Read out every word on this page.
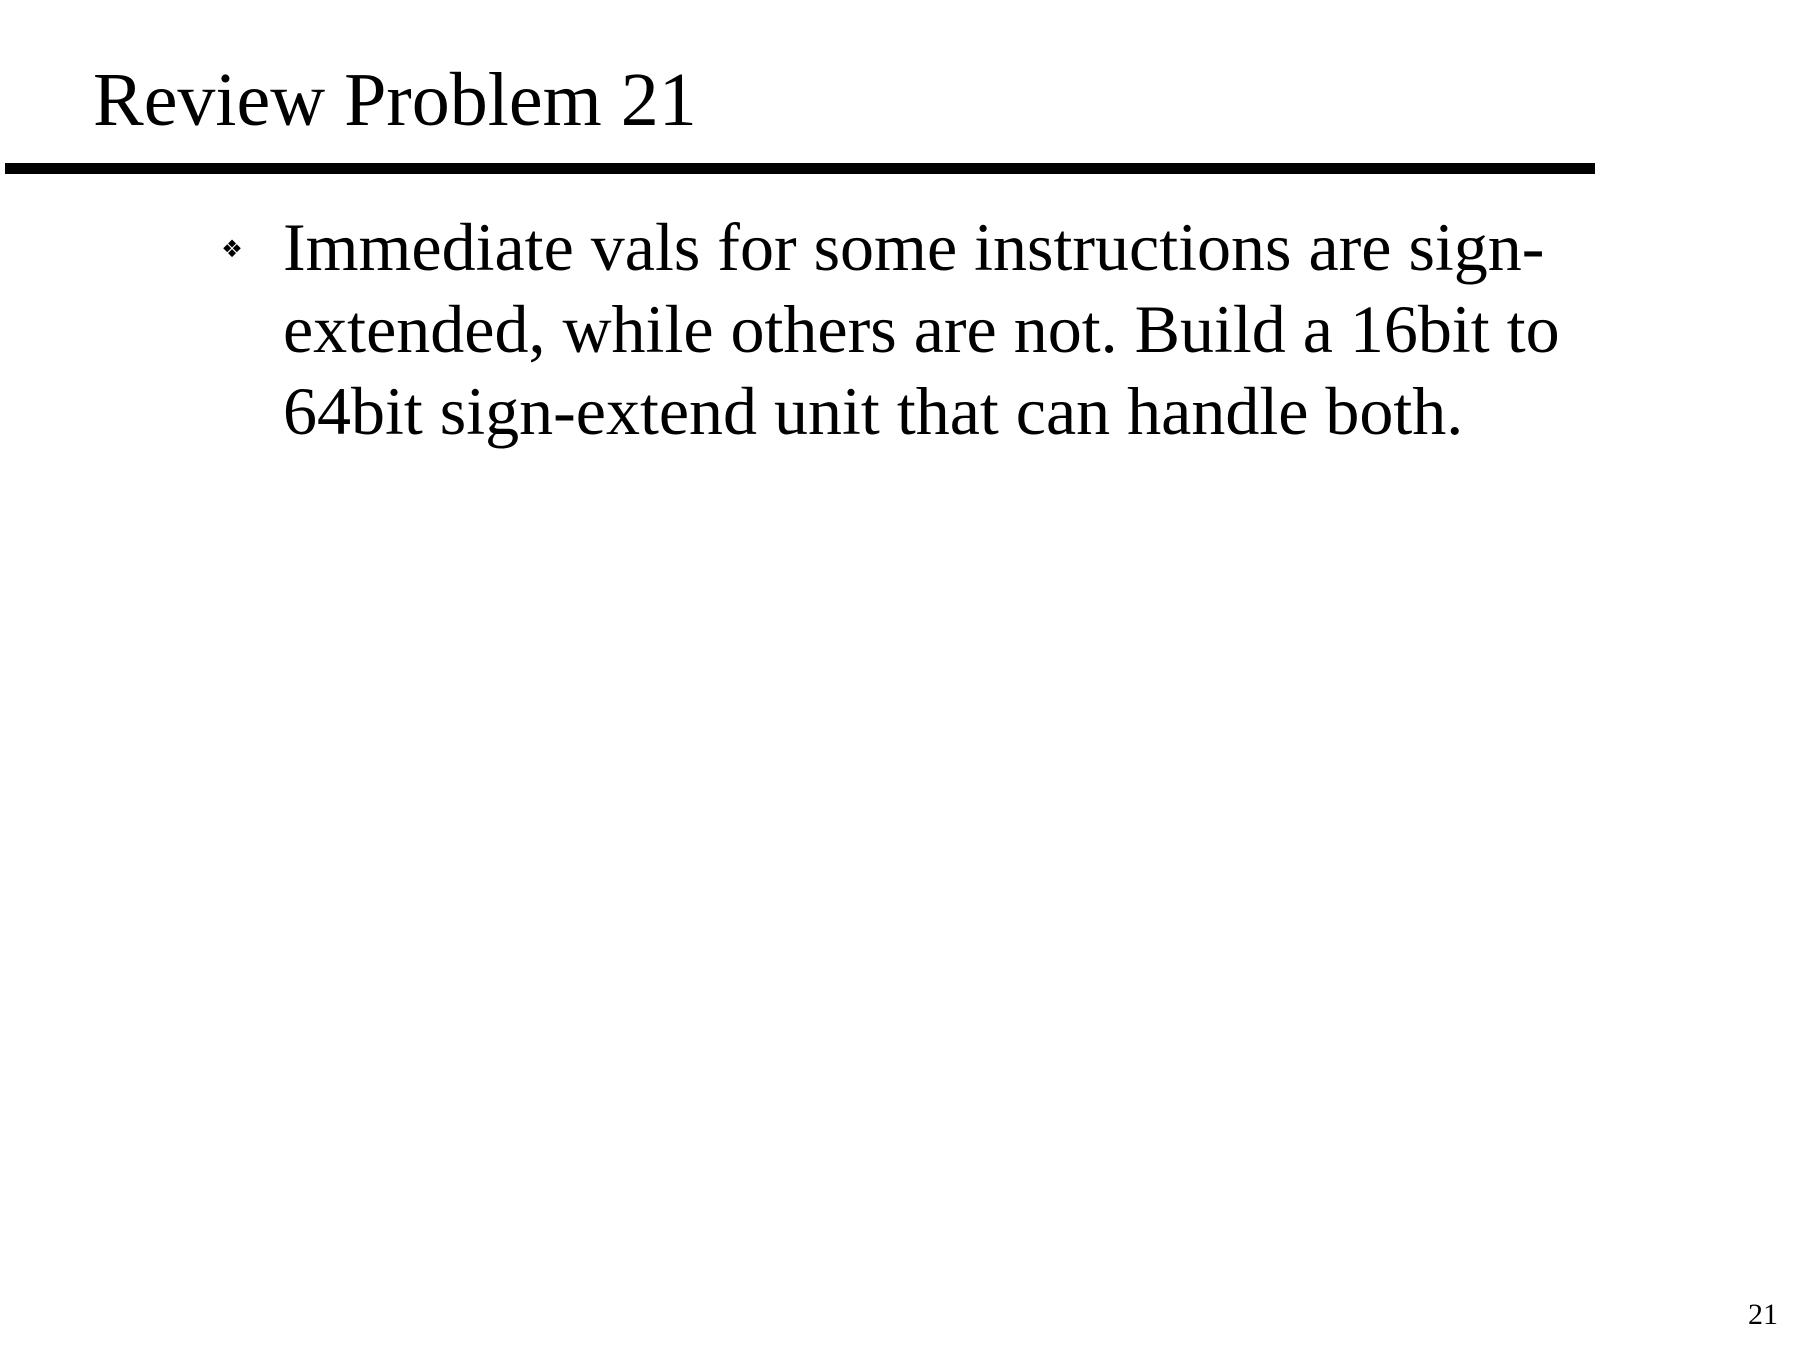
Review Problem 21
❖ Immediate vals for some instructions are sign-extended, while others are not. Build a 16bit to 64bit sign-extend unit that can handle both.
21
